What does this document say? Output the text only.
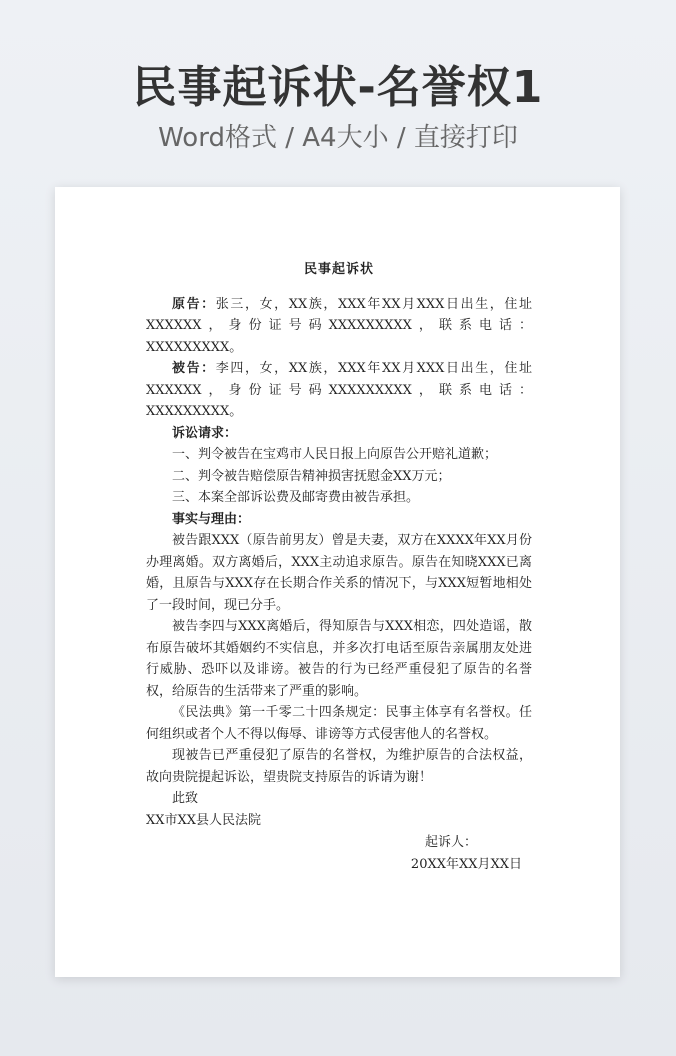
民事起诉状-名誉权1
Word格式 / A4大小 / 直接打印
民事起诉状

原告：张三，女，XX族，XXX年XX月XXX日出生，住址XXXXXX，身份证号码XXXXXXXXX，联系电话：XXXXXXXXX。

被告：李四，女，XX族，XXX年XX月XXX日出生，住址XXXXXX，身份证号码XXXXXXXXX，联系电话：XXXXXXXXX。

诉讼请求：

一、判令被告在宝鸡市人民日报上向原告公开赔礼道歉；

二、判令被告赔偿原告精神损害抚慰金XX万元；

三、本案全部诉讼费及邮寄费由被告承担。

事实与理由：

被告跟XXX（原告前男友）曾是夫妻，双方在XXXX年XX月份办理离婚。双方离婚后，XXX主动追求原告。原告在知晓XXX已离婚，且原告与XXX存在长期合作关系的情况下，与XXX短暂地相处了一段时间，现已分手。

被告李四与XXX离婚后，得知原告与XXX相恋，四处造谣，散布原告破坏其婚姻约不实信息，并多次打电话至原告亲属朋友处进行威胁、恐吓以及诽谤。被告的行为已经严重侵犯了原告的名誉权，给原告的生活带来了严重的影响。

《民法典》第一千零二十四条规定：民事主体享有名誉权。任何组织或者个人不得以侮辱、诽谤等方式侵害他人的名誉权。

现被告已严重侵犯了原告的名誉权，为维护原告的合法权益，故向贵院提起诉讼，望贵院支持原告的诉请为谢！

此致

XX市XX县人民法院

起诉人：

20XX年XX月XX日
